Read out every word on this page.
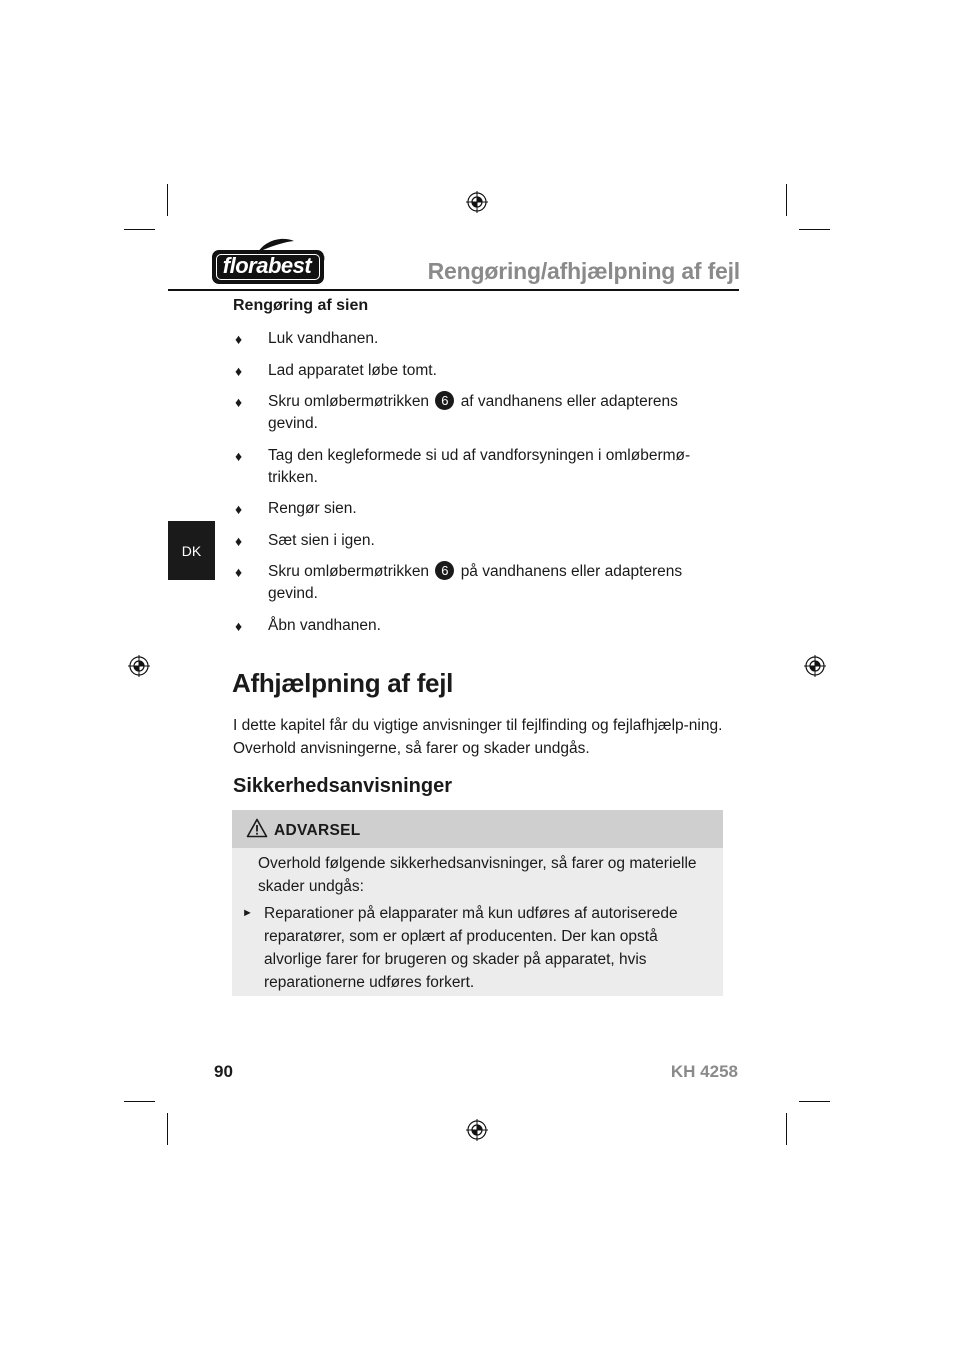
florabest	®	Rengøring/afhjælpning af fejl
DK
Rengøring af sien
♦ Luk vandhanen.
♦ Lad apparatet løbe tomt.
♦ Skru omløbermøtrikken 6 af vandhanens eller adapterens gevind.
♦ Tag den kegleformede si ud af vandforsyningen i omløbermø-trikken.
♦ Rengør sien.
♦ Sæt sien i igen.
♦ Skru omløbermøtrikken 6 på vandhanens eller adapterens gevind.
♦ Åbn vandhanen.
Afhjælpning af fejl
I dette kapitel får du vigtige anvisninger til fejlfinding og fejlafhjælp-ning. Overhold anvisningerne, så farer og skader undgås.
Sikkerhedsanvisninger
ADVARSEL
Overhold følgende sikkerhedsanvisninger, så farer og materielle skader undgås:
► Reparationer på elapparater må kun udføres af autoriserede reparatører, som er oplært af producenten. Der kan opstå alvorlige farer for brugeren og skader på apparatet, hvis reparationerne udføres forkert.
90	KH 4258
